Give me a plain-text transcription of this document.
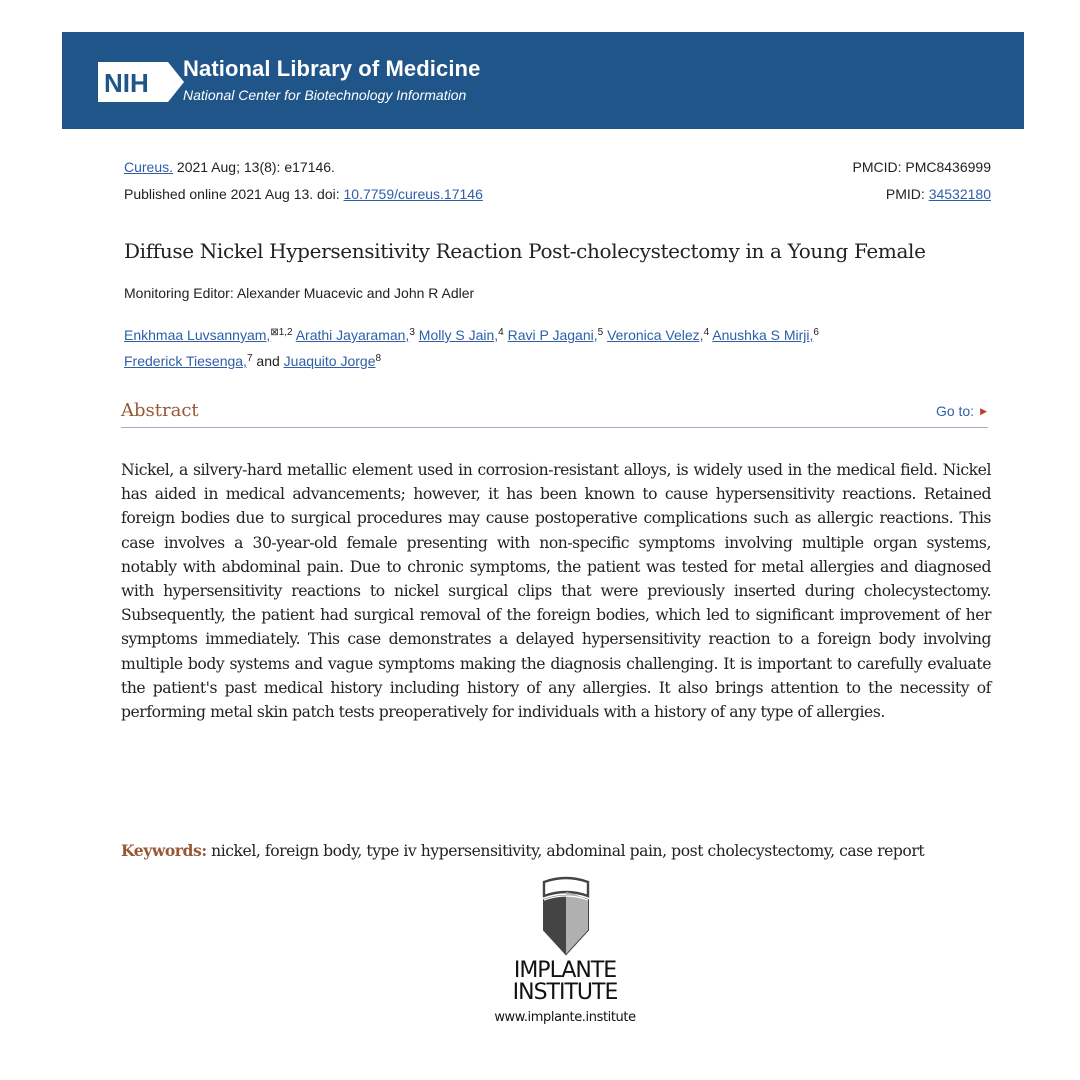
NIH National Library of Medicine
National Center for Biotechnology Information
Cureus. 2021 Aug; 13(8): e17146.
Published online 2021 Aug 13. doi: 10.7759/cureus.17146
PMCID: PMC8436999
PMID: 34532180
Diffuse Nickel Hypersensitivity Reaction Post-cholecystectomy in a Young Female
Monitoring Editor: Alexander Muacevic and John R Adler
Enkhmaa Luvsannyam,$^{⊠1,2}$ Arathi Jayaraman,$^3$ Molly S Jain,$^4$ Ravi P Jagani,$^5$ Veronica Velez,$^4$ Anushka S Mirji,$^6$
Frederick Tiesenga,$^7$ and Juaquito Jorge$^8$
Abstract	Go to: ▶
Nickel, a silvery-hard metallic element used in corrosion-resistant alloys, is widely used in the medical field. Nickel has aided in medical advancements; however, it has been known to cause hypersensitivity reactions. Retained foreign bodies due to surgical procedures may cause postoperative complications such as allergic reactions. This case involves a 30-year-old female presenting with non-specific symptoms involving multiple organ systems, notably with abdominal pain. Due to chronic symptoms, the patient was tested for metal allergies and diagnosed with hypersensitivity reactions to nickel surgical clips that were previously inserted during cholecystectomy. Subsequently, the patient had surgical removal of the foreign bodies, which led to significant improvement of her symptoms immediately. This case demonstrates a delayed hypersensitivity reaction to a foreign body involving multiple body systems and vague symptoms making the diagnosis challenging. It is important to carefully evaluate the patient's past medical history including history of any allergies. It also brings attention to the necessity of performing metal skin patch tests preoperatively for individuals with a history of any type of allergies.
Keywords: nickel, foreign body, type iv hypersensitivity, abdominal pain, post cholecystectomy, case report
IMPLANTE
INSTITUTE
www.implante.institute
